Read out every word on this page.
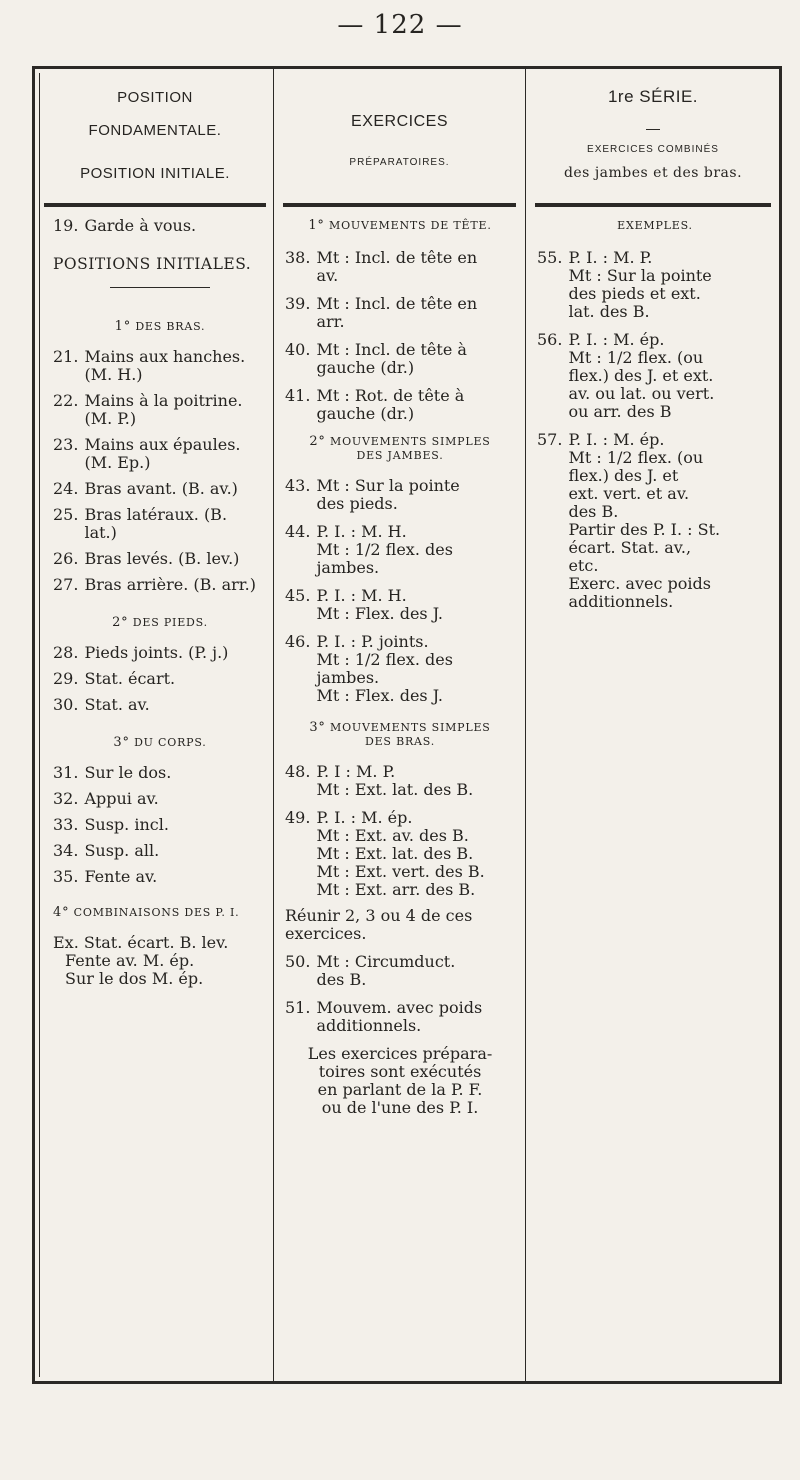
— 122 —
POSITION
FONDAMENTALE.
POSITION INITIALE.
EXERCICES
PRÉPARATOIRES.
1re SÉRIE.
EXERCICES COMBINÉS
des jambes et des bras.
19. Garde à vous.
POSITIONS INITIALES.
1° DES BRAS.
21. Mains aux hanches.
(M. H.)
22. Mains à la poitrine.
(M. P.)
23. Mains aux épaules.
(M. Ep.)
24. Bras avant. (B. av.)
25. Bras latéraux. (B.
lat.)
26. Bras levés. (B. lev.)
27. Bras arrière. (B. arr.)
2° DES PIEDS.
28. Pieds joints. (P. j.)
29. Stat. écart.
30. Stat. av.
3° DU CORPS.
31. Sur le dos.
32. Appui av.
33. Susp. incl.
34. Susp. all.
35. Fente av.
4° COMBINAISONS DES P. I.
Ex. Stat. écart. B. lev.
Fente av. M. ép.
Sur le dos M. ép.
1° MOUVEMENTS DE TÊTE.
38. Mt : Incl. de tête en
av.
39. Mt : Incl. de tête en
arr.
40. Mt : Incl. de tête à
gauche (dr.)
41. Mt : Rot. de tête à
gauche (dr.)
2° MOUVEMENTS SIMPLES
DES JAMBES.
43. Mt : Sur la pointe
des pieds.
44. P. I. : M. H.
Mt : 1/2 flex. des
jambes.
45. P. I. : M. H.
Mt : Flex. des J.
46. P. I. : P. joints.
Mt : 1/2 flex. des
jambes.
Mt : Flex. des J.
3° MOUVEMENTS SIMPLES
DES BRAS.
48. P. I : M. P.
Mt : Ext. lat. des B.
49. P. I. : M. ép.
Mt : Ext. av. des B.
Mt : Ext. lat. des B.
Mt : Ext. vert. des B.
Mt : Ext. arr. des B.
Réunir 2, 3 ou 4 de ces
exercices.
50. Mt : Circumduct.
des B.
51. Mouvem. avec poids
additionnels.
Les exercices prépara-
toires sont exécutés
en parlant de la P. F.
ou de l'une des P. I.
EXEMPLES.
55. P. I. : M. P.
Mt : Sur la pointe
des pieds et ext.
lat. des B.
56. P. I. : M. ép.
Mt : 1/2 flex. (ou
flex.) des J. et ext.
av. ou lat. ou vert.
ou arr. des B
57. P. I. : M. ép.
Mt : 1/2 flex. (ou
flex.) des J. et
ext. vert. et av.
des B.
Partir des P. I. : St.
écart. Stat. av.,
etc.
Exerc. avec poids
additionnels.
